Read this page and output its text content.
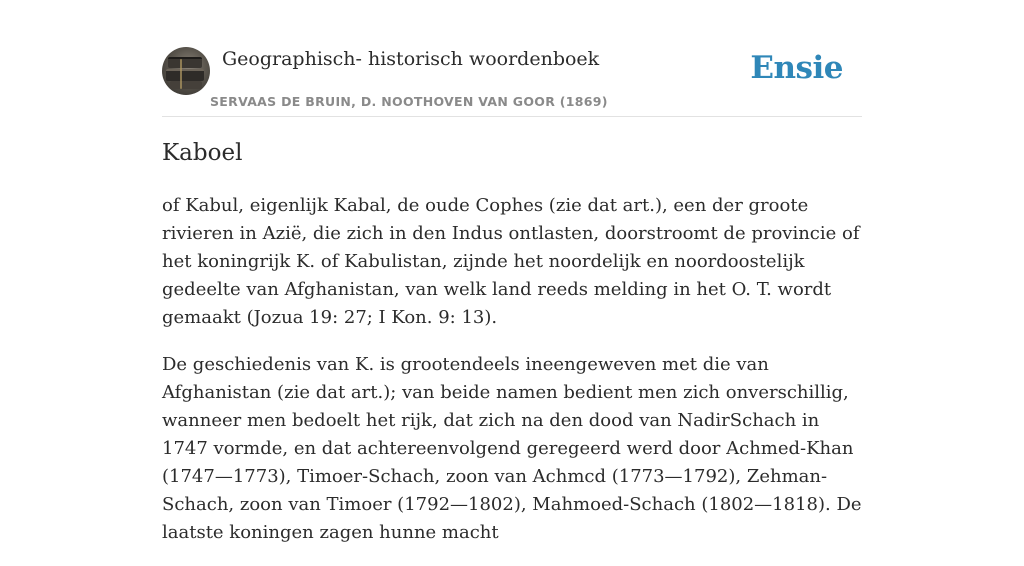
Geographisch- historisch woordenboek
SERVAAS DE BRUIN, D. NOOTHOVEN VAN GOOR (1869)
Ensie
Kaboel

of Kabul, eigenlijk Kabal, de oude Cophes (zie dat art.), een der groote rivieren in Azië, die zich in den Indus ontlasten, doorstroomt de provincie of het koningrijk K. of Kabulistan, zijnde het noordelijk en noordoostelijk gedeelte van Afghanistan, van welk land reeds melding in het O. T. wordt gemaakt (Jozua 19: 27; I Kon. 9: 13).

De geschiedenis van K. is grootendeels ineengeweven met die van Afghanistan (zie dat art.); van beide namen bedient men zich onverschillig, wanneer men bedoelt het rijk, dat zich na den dood van NadirSchach in 1747 vormde, en dat achtereenvolgend geregeerd werd door Achmed-Khan (1747—1773), Timoer-Schach, zoon van Achmcd (1773—1792), Zehman-Schach, zoon van Timoer (1792—1802), Mahmoed-Schach (1802—1818). De laatste koningen zagen hunne macht
